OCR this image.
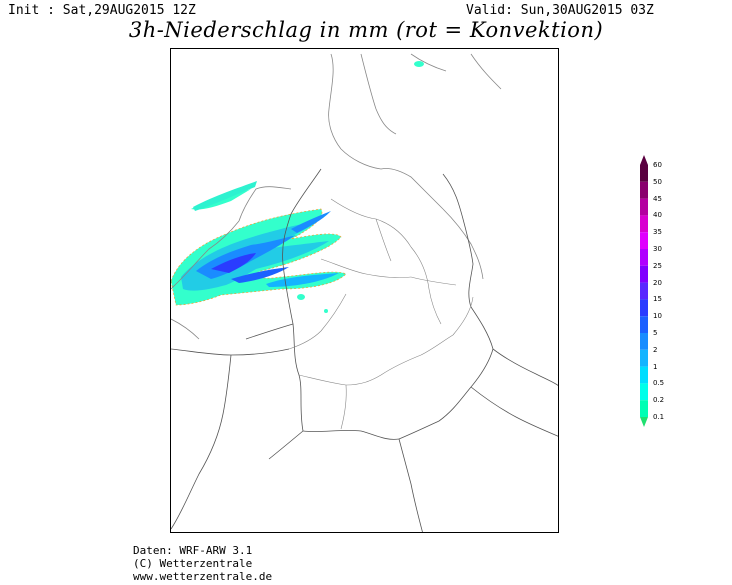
Init : Sat,29AUG2015 12Z	Valid: Sun,30AUG2015 03Z
3h-Niederschlag in mm (rot = Konvektion)
60
50
45
40
35
30
25
20
15
10
5
2
1
0.5
0.2
0.1
Daten: WRF-ARW 3.1
(C) Wetterzentrale
www.wetterzentrale.de
